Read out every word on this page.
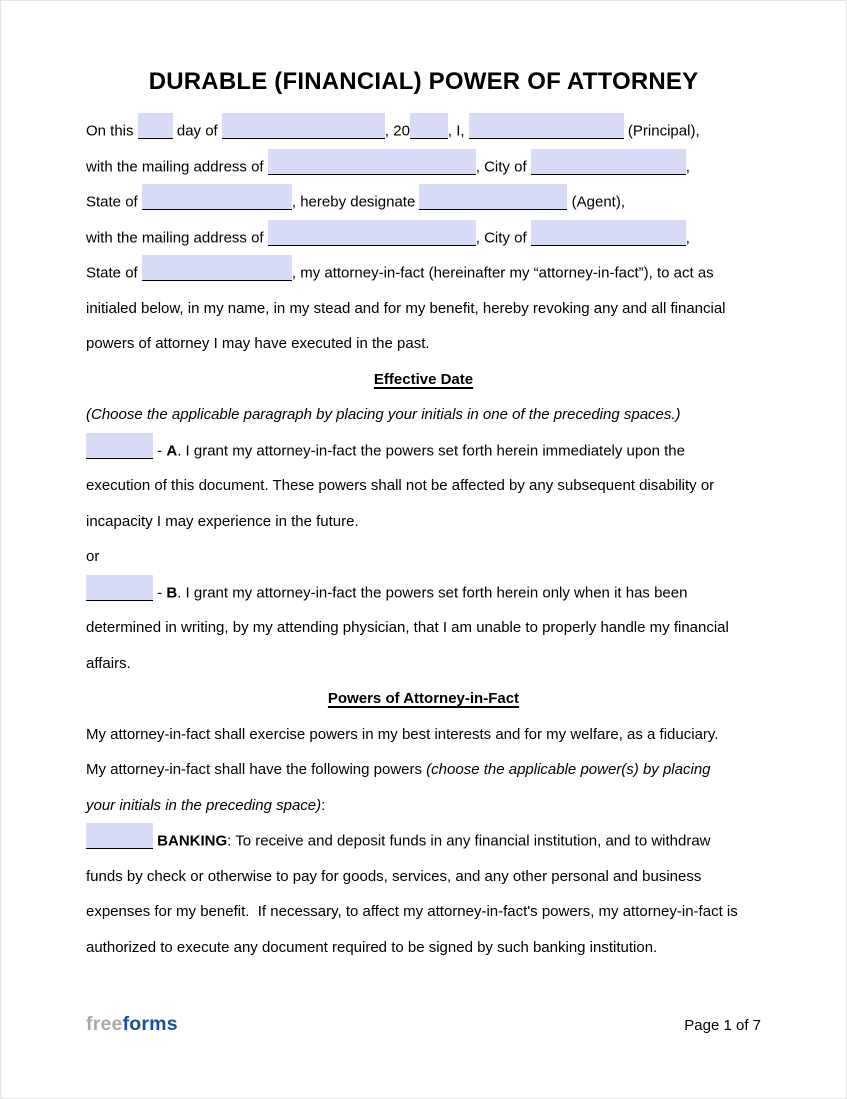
DURABLE (FINANCIAL) POWER OF ATTORNEY
On this  day of	, 20	, I,	(Principal),
with the mailing address of	, City of	,
State of	, hereby designate	(Agent),
with the mailing address of	, City of	,
State of	, my attorney-in-fact (hereinafter my “attorney-in-fact”), to act as
initialed below, in my name, in my stead and for my benefit, hereby revoking any and all financial
powers of attorney I may have executed in the past.
Effective Date
(Choose the applicable paragraph by placing your initials in one of the preceding spaces.)
- A. I grant my attorney-in-fact the powers set forth herein immediately upon the
execution of this document. These powers shall not be affected by any subsequent disability or
incapacity I may experience in the future.
or
- B. I grant my attorney-in-fact the powers set forth herein only when it has been
determined in writing, by my attending physician, that I am unable to properly handle my financial
affairs.
Powers of Attorney-in-Fact
My attorney-in-fact shall exercise powers in my best interests and for my welfare, as a fiduciary.
My attorney-in-fact shall have the following powers (choose the applicable power(s) by placing
your initials in the preceding space):
BANKING: To receive and deposit funds in any financial institution, and to withdraw
funds by check or otherwise to pay for goods, services, and any other personal and business
expenses for my benefit.  If necessary, to affect my attorney-in-fact's powers, my attorney-in-fact is
authorized to execute any document required to be signed by such banking institution.
freeforms	Page 1 of 7
